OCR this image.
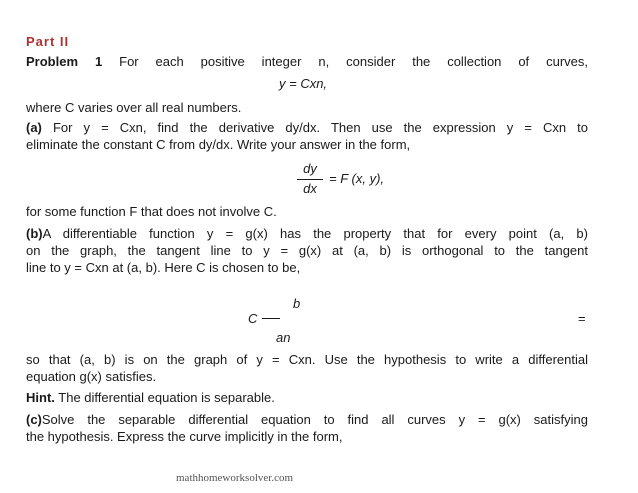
Part II
Problem 1 For each positive integer n, consider the collection of curves,
y = Cxn,
where C varies over all real numbers.
(a) For y = Cxn, find the derivative dy/dx. Then use the expression y = Cxn to
eliminate the constant C from dy/dx. Write your answer in the form,
dy
dx
= F (x, y),
for some function F that does not involve C.
(b)A differentiable function y = g(x) has the property that for every point (a, b)
on the graph, the tangent line to y = g(x) at (a, b) is orthogonal to the tangent
line to y = Cxn at (a, b). Here C is chosen to be,
b
C
an
=
so that (a, b) is on the graph of y = Cxn. Use the hypothesis to write a differential
equation g(x) satisfies.
Hint. The differential equation is separable.
(c)Solve the separable differential equation to find all curves y = g(x) satisfying
the hypothesis. Express the curve implicitly in the form,
mathhomeworksolver.com
